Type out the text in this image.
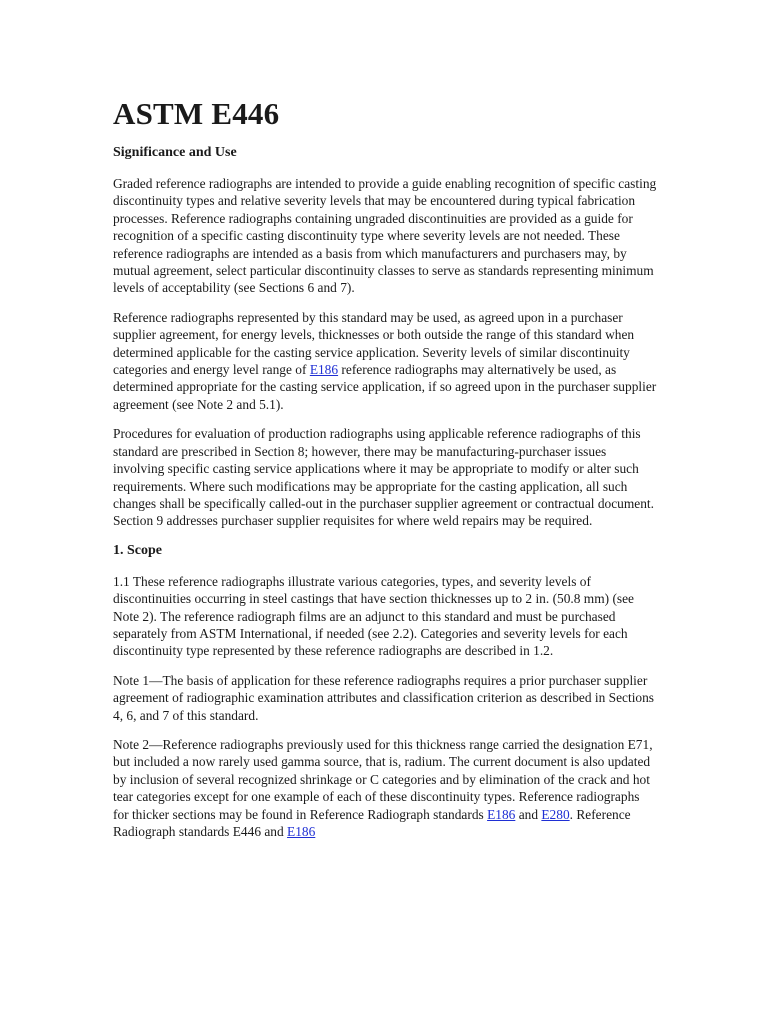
ASTM E446
Significance and Use

Graded reference radiographs are intended to provide a guide enabling recognition of specific casting discontinuity types and relative severity levels that may be encountered during typical fabrication processes. Reference radiographs containing ungraded discontinuities are provided as a guide for recognition of a specific casting discontinuity type where severity levels are not needed. These reference radiographs are intended as a basis from which manufacturers and purchasers may, by mutual agreement, select particular discontinuity classes to serve as standards representing minimum levels of acceptability (see Sections 6 and 7).

Reference radiographs represented by this standard may be used, as agreed upon in a purchaser supplier agreement, for energy levels, thicknesses or both outside the range of this standard when determined applicable for the casting service application. Severity levels of similar discontinuity categories and energy level range of E186 reference radiographs may alternatively be used, as determined appropriate for the casting service application, if so agreed upon in the purchaser supplier agreement (see Note 2 and 5.1).

Procedures for evaluation of production radiographs using applicable reference radiographs of this standard are prescribed in Section 8; however, there may be manufacturing-purchaser issues involving specific casting service applications where it may be appropriate to modify or alter such requirements. Where such modifications may be appropriate for the casting application, all such changes shall be specifically called-out in the purchaser supplier agreement or contractual document. Section 9 addresses purchaser supplier requisites for where weld repairs may be required.

1. Scope

1.1 These reference radiographs illustrate various categories, types, and severity levels of discontinuities occurring in steel castings that have section thicknesses up to 2 in. (50.8 mm) (see Note 2). The reference radiograph films are an adjunct to this standard and must be purchased separately from ASTM International, if needed (see 2.2). Categories and severity levels for each discontinuity type represented by these reference radiographs are described in 1.2.

Note 1—The basis of application for these reference radiographs requires a prior purchaser supplier agreement of radiographic examination attributes and classification criterion as described in Sections 4, 6, and 7 of this standard.

Note 2—Reference radiographs previously used for this thickness range carried the designation E71, but included a now rarely used gamma source, that is, radium. The current document is also updated by inclusion of several recognized shrinkage or C categories and by elimination of the crack and hot tear categories except for one example of each of these discontinuity types. Reference radiographs for thicker sections may be found in Reference Radiograph standards E186 and E280. Reference Radiograph standards E446 and E186
